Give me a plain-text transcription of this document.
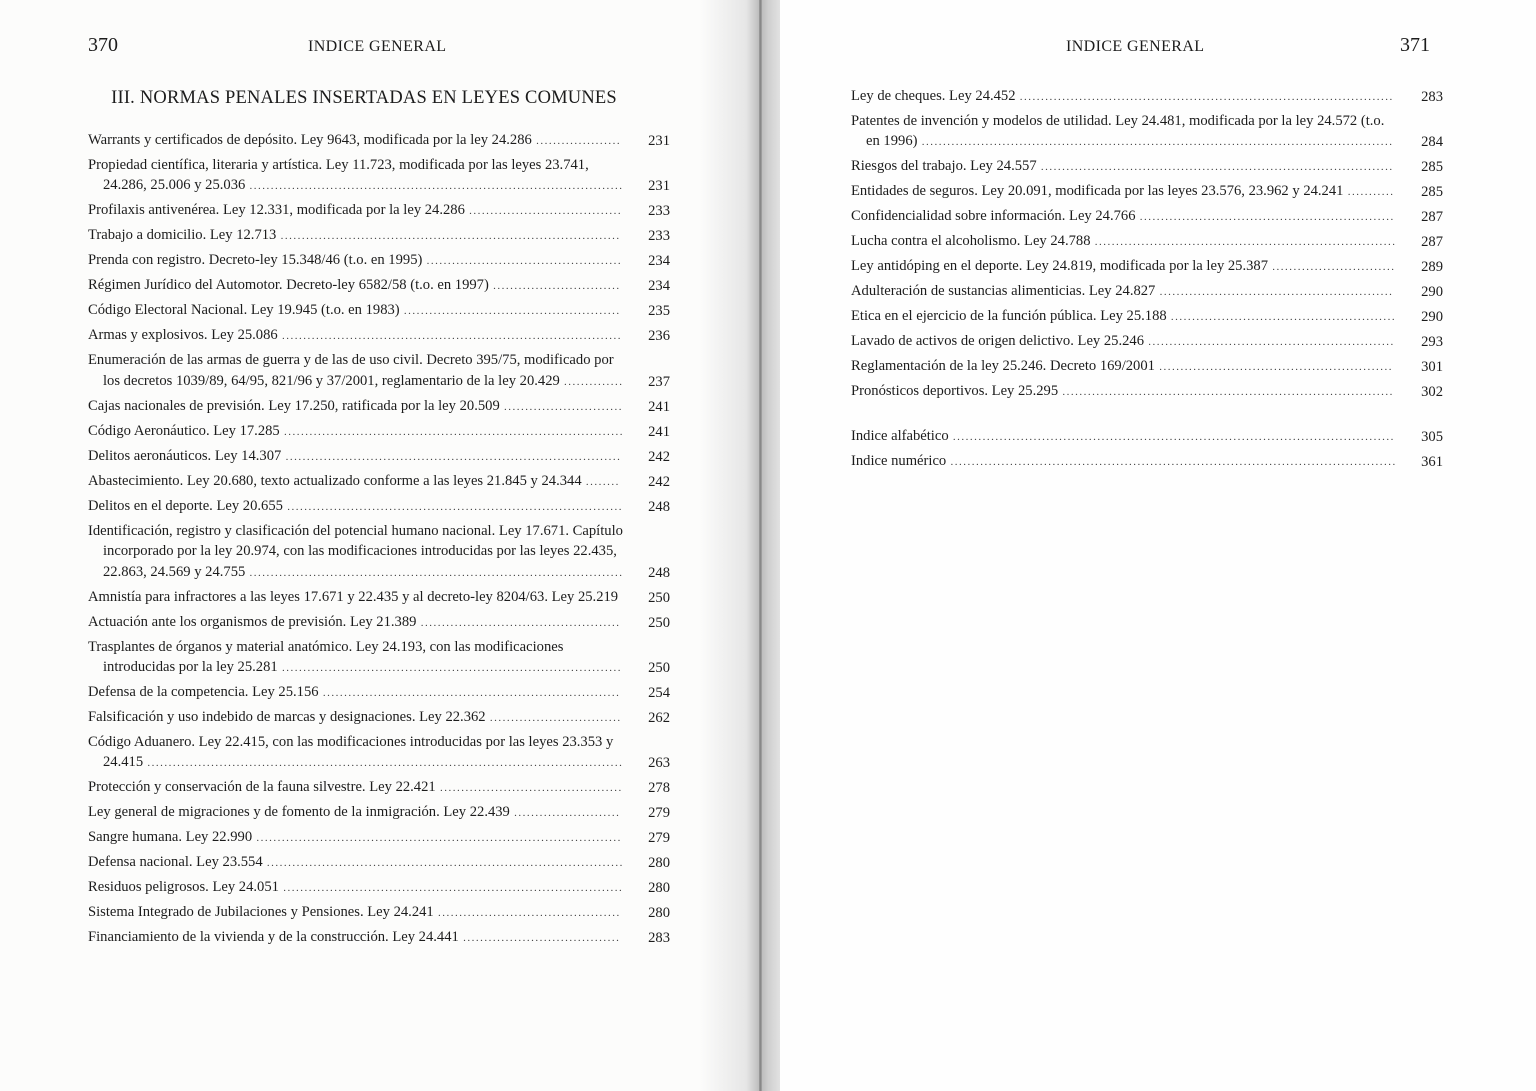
370	INDICE GENERAL
III. NORMAS PENALES INSERTADAS EN LEYES COMUNES
Warrants y certificados de depósito. Ley 9643, modificada por la ley 24.286 ....................	231
Propiedad científica, literaria y artística. Ley 11.723, modificada por las leyes 23.741, 24.286, 25.006 y 25.036 ........................................................................................	231
Profilaxis antivenérea. Ley 12.331, modificada por la ley 24.286 ....................................	233
Trabajo a domicilio. Ley 12.713 ................................................................................	233
Prenda con registro. Decreto-ley 15.348/46 (t.o. en 1995) ..............................................	234
Régimen Jurídico del Automotor. Decreto-ley 6582/58 (t.o. en 1997) ..............................	234
Código Electoral Nacional. Ley 19.945 (t.o. en 1983) ...................................................	235
Armas y explosivos. Ley 25.086 ................................................................................	236
Enumeración de las armas de guerra y de las de uso civil. Decreto 395/75, modificado por los decretos 1039/89, 64/95, 821/96 y 37/2001, reglamentario de la ley 20.429 ..............	237
Cajas nacionales de previsión. Ley 17.250, ratificada por la ley 20.509 ............................	241
Código Aeronáutico. Ley 17.285 ................................................................................	241
Delitos aeronáuticos. Ley 14.307 ...............................................................................	242
Abastecimiento. Ley 20.680, texto actualizado conforme a las leyes 21.845 y 24.344 ........	242
Delitos en el deporte. Ley 20.655 ...............................................................................	248
Identificación, registro y clasificación del potencial humano nacional. Ley 17.671. Capítulo incorporado por la ley 20.974, con las modificaciones introducidas por las leyes 22.435, 22.863, 24.569 y 24.755 ........................................................................................	248
Amnistía para infractores a las leyes 17.671 y 22.435 y al decreto-ley 8204/63. Ley 25.219	250
Actuación ante los organismos de previsión. Ley 21.389 ...............................................	250
Trasplantes de órganos y material anatómico. Ley 24.193, con las modificaciones introducidas por la ley 25.281 ................................................................................	250
Defensa de la competencia. Ley 25.156 ......................................................................	254
Falsificación y uso indebido de marcas y designaciones. Ley 22.362 ...............................	262
Código Aduanero. Ley 22.415, con las modificaciones introducidas por las leyes 23.353 y 24.415 ................................................................................................................	263
Protección y conservación de la fauna silvestre. Ley 22.421 ...........................................	278
Ley general de migraciones y de fomento de la inmigración. Ley 22.439 .........................	279
Sangre humana. Ley 22.990 ......................................................................................	279
Defensa nacional. Ley 23.554 ....................................................................................	280
Residuos peligrosos. Ley 24.051 ................................................................................	280
Sistema Integrado de Jubilaciones y Pensiones. Ley 24.241 ...........................................	280
Financiamiento de la vivienda y de la construcción. Ley 24.441 .....................................	283
INDICE GENERAL	371
Ley de cheques. Ley 24.452 ........................................................................................	283
Patentes de invención y modelos de utilidad. Ley 24.481, modificada por la ley 24.572 (t.o. en 1996) ...............................................................................................................	284
Riesgos del trabajo. Ley 24.557 ...................................................................................	285
Entidades de seguros. Ley 20.091, modificada por las leyes 23.576, 23.962 y 24.241 ...........	285
Confidencialidad sobre información. Ley 24.766 ............................................................	287
Lucha contra el alcoholismo. Ley 24.788 .......................................................................	287
Ley antidóping en el deporte. Ley 24.819, modificada por la ley 25.387 .............................	289
Adulteración de sustancias alimenticias. Ley 24.827 .......................................................	290
Etica en el ejercicio de la función pública. Ley 25.188 .....................................................	290
Lavado de activos de origen delictivo. Ley 25.246 ..........................................................	293
Reglamentación de la ley 25.246. Decreto 169/2001 .......................................................	301
Pronósticos deportivos. Ley 25.295 ..............................................................................	302
Indice alfabético ........................................................................................................	305
Indice numérico .........................................................................................................	361
